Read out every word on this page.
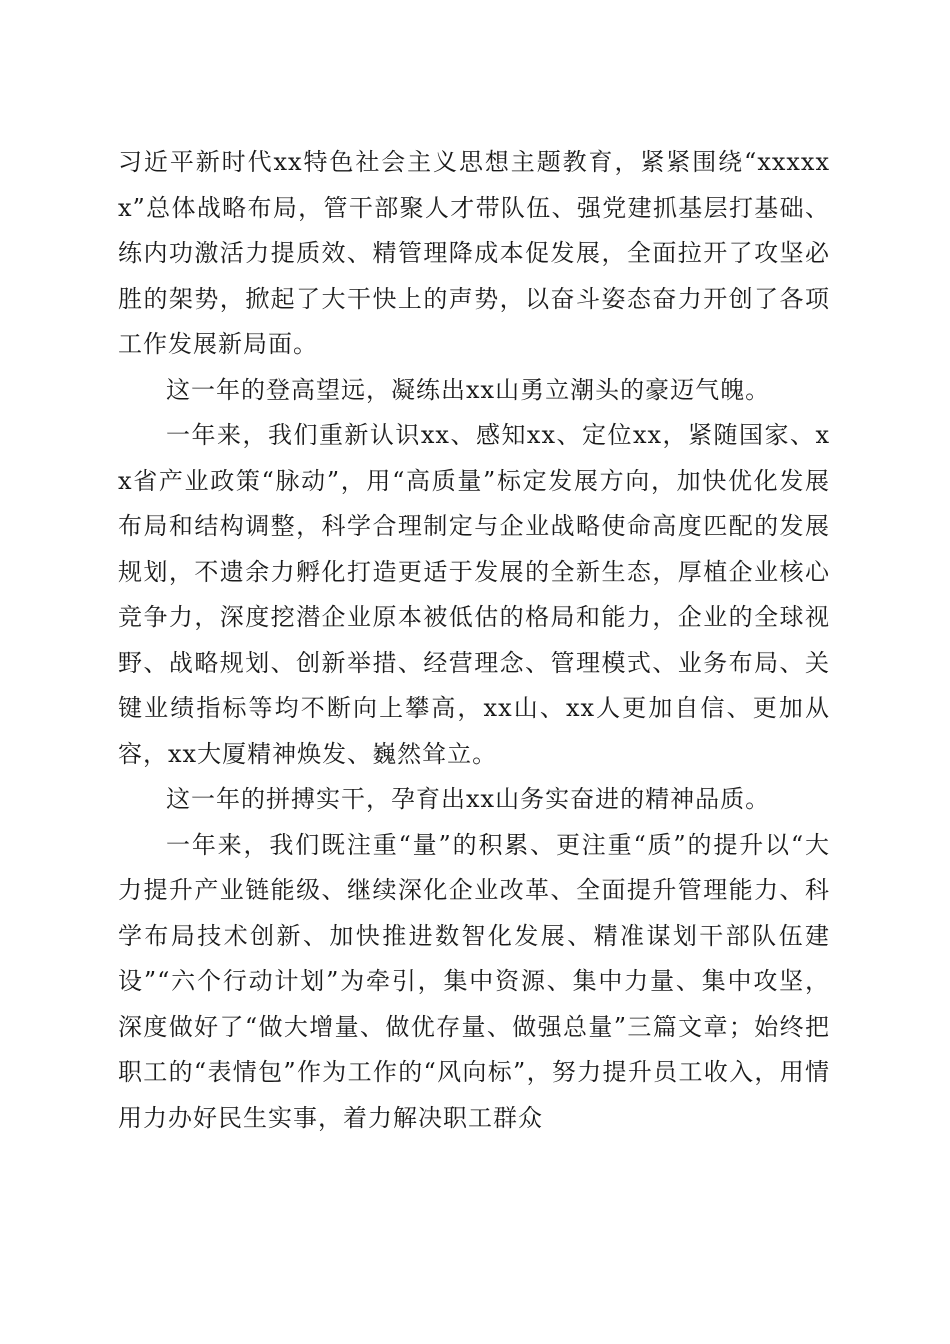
习近平新时代xx特色社会主义思想主题教育，紧紧围绕“xxxxxx”总体战略布局，管干部聚人才带队伍、强党建抓基层打基础、练内功激活力提质效、精管理降成本促发展，全面拉开了攻坚必胜的架势，掀起了大干快上的声势，以奋斗姿态奋力开创了各项工作发展新局面。

这一年的登高望远，凝练出xx山勇立潮头的豪迈气魄。

一年来，我们重新认识xx、感知xx、定位xx，紧随国家、xx省产业政策“脉动”，用“高质量”标定发展方向，加快优化发展布局和结构调整，科学合理制定与企业战略使命高度匹配的发展规划，不遗余力孵化打造更适于发展的全新生态，厚植企业核心竞争力，深度挖潜企业原本被低估的格局和能力，企业的全球视野、战略规划、创新举措、经营理念、管理模式、业务布局、关键业绩指标等均不断向上攀高，xx山、xx人更加自信、更加从容，xx大厦精神焕发、巍然耸立。

这一年的拼搏实干，孕育出xx山务实奋进的精神品质。

一年来，我们既注重“量”的积累、更注重“质”的提升以“大力提升产业链能级、继续深化企业改革、全面提升管理能力、科学布局技术创新、加快推进数智化发展、精准谋划干部队伍建设”“六个行动计划”为牵引，集中资源、集中力量、集中攻坚，深度做好了“做大增量、做优存量、做强总量”三篇文章；始终把职工的“表情包”作为工作的“风向标”，努力提升员工收入，用情用力办好民生实事，着力解决职工群众
